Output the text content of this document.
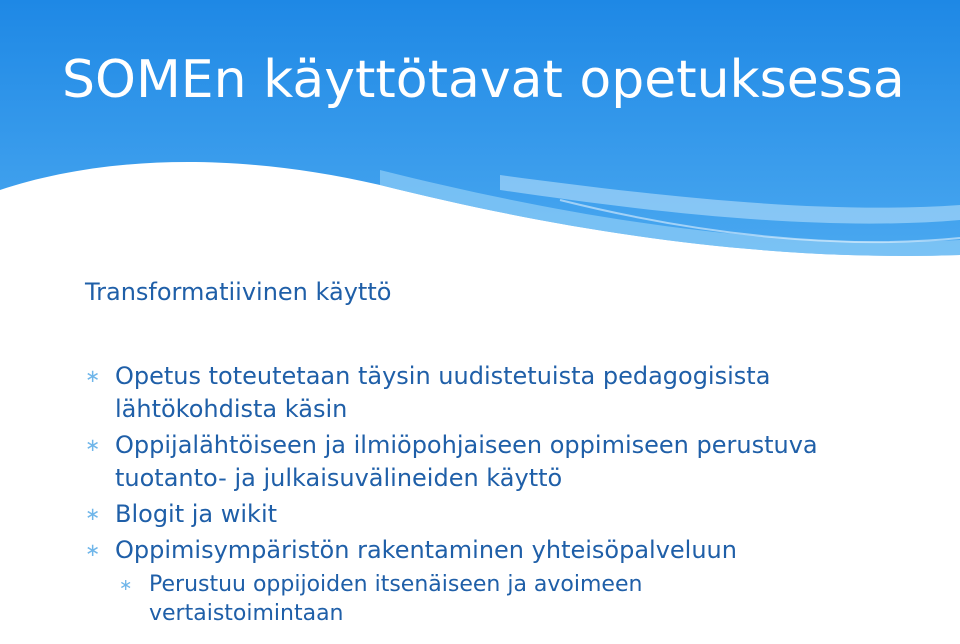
SOMEn käyttötavat opetuksessa
Transformatiivinen käyttö
∗ Opetus toteutetaan täysin uudistetuista pedagogisista
lähtökohdista käsin
∗ Oppijalähtöiseen ja ilmiöpohjaiseen oppimiseen perustuva
tuotanto- ja julkaisuvälineiden käyttö
∗ Blogit ja wikit
∗ Oppimisympäristön rakentaminen yhteisöpalveluun
∗ Perustuu oppijoiden itsenäiseen ja avoimeen
vertaistoimintaan
